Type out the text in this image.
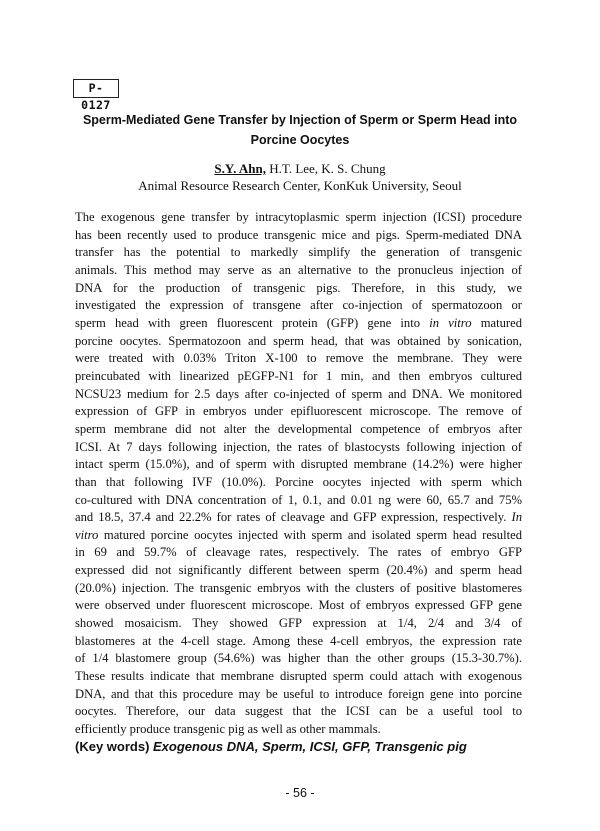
P-0127
Sperm-Mediated Gene Transfer by Injection of Sperm or Sperm Head into
Porcine Oocytes
S.Y. Ahn, H.T. Lee, K. S. Chung
Animal Resource Research Center, KonKuk University, Seoul

The exogenous gene transfer by intracytoplasmic sperm injection (ICSI) procedure
has been recently used to produce transgenic mice and pigs. Sperm-mediated DNA
transfer has the potential to markedly simplify the generation of transgenic
animals. This method may serve as an alternative to the pronucleus injection of
DNA for the production of transgenic pigs. Therefore, in this study, we
investigated the expression of transgene after co-injection of spermatozoon or
sperm head with green fluorescent protein (GFP) gene into in vitro matured
porcine oocytes. Spermatozoon and sperm head, that was obtained by sonication,
were treated with 0.03% Triton X-100 to remove the membrane. They were
preincubated with linearized pEGFP-N1 for 1 min, and then embryos cultured
NCSU23 medium for 2.5 days after co-injected of sperm and DNA. We monitored
expression of GFP in embryos under epifluorescent microscope. The remove of
sperm membrane did not alter the developmental competence of embryos after
ICSI. At 7 days following injection, the rates of blastocysts following injection of
intact sperm (15.0%), and of sperm with disrupted membrane (14.2%) were higher
than that following IVF (10.0%). Porcine oocytes injected with sperm which
co-cultured with DNA concentration of 1, 0.1, and 0.01 ng were 60, 65.7 and 75%
and 18.5, 37.4 and 22.2% for rates of cleavage and GFP expression, respectively. In
vitro matured porcine oocytes injected with sperm and isolated sperm head resulted
in 69 and 59.7% of cleavage rates, respectively. The rates of embryo GFP
expressed did not significantly different between sperm (20.4%) and sperm head
(20.0%) injection. The transgenic embryos with the clusters of positive blastomeres
were observed under fluorescent microscope. Most of embryos expressed GFP gene
showed mosaicism. They showed GFP expression at 1/4, 2/4 and 3/4 of
blastomeres at the 4-cell stage. Among these 4-cell embryos, the expression rate
of 1/4 blastomere group (54.6%) was higher than the other groups (15.3-30.7%).
These results indicate that membrane disrupted sperm could attach with exogenous
DNA, and that this procedure may be useful to introduce foreign gene into porcine
oocytes. Therefore, our data suggest that the ICSI can be a useful tool to
efficiently produce transgenic pig as well as other mammals.

(Key words) Exogenous DNA, Sperm, ICSI, GFP, Transgenic pig
- 56 -
